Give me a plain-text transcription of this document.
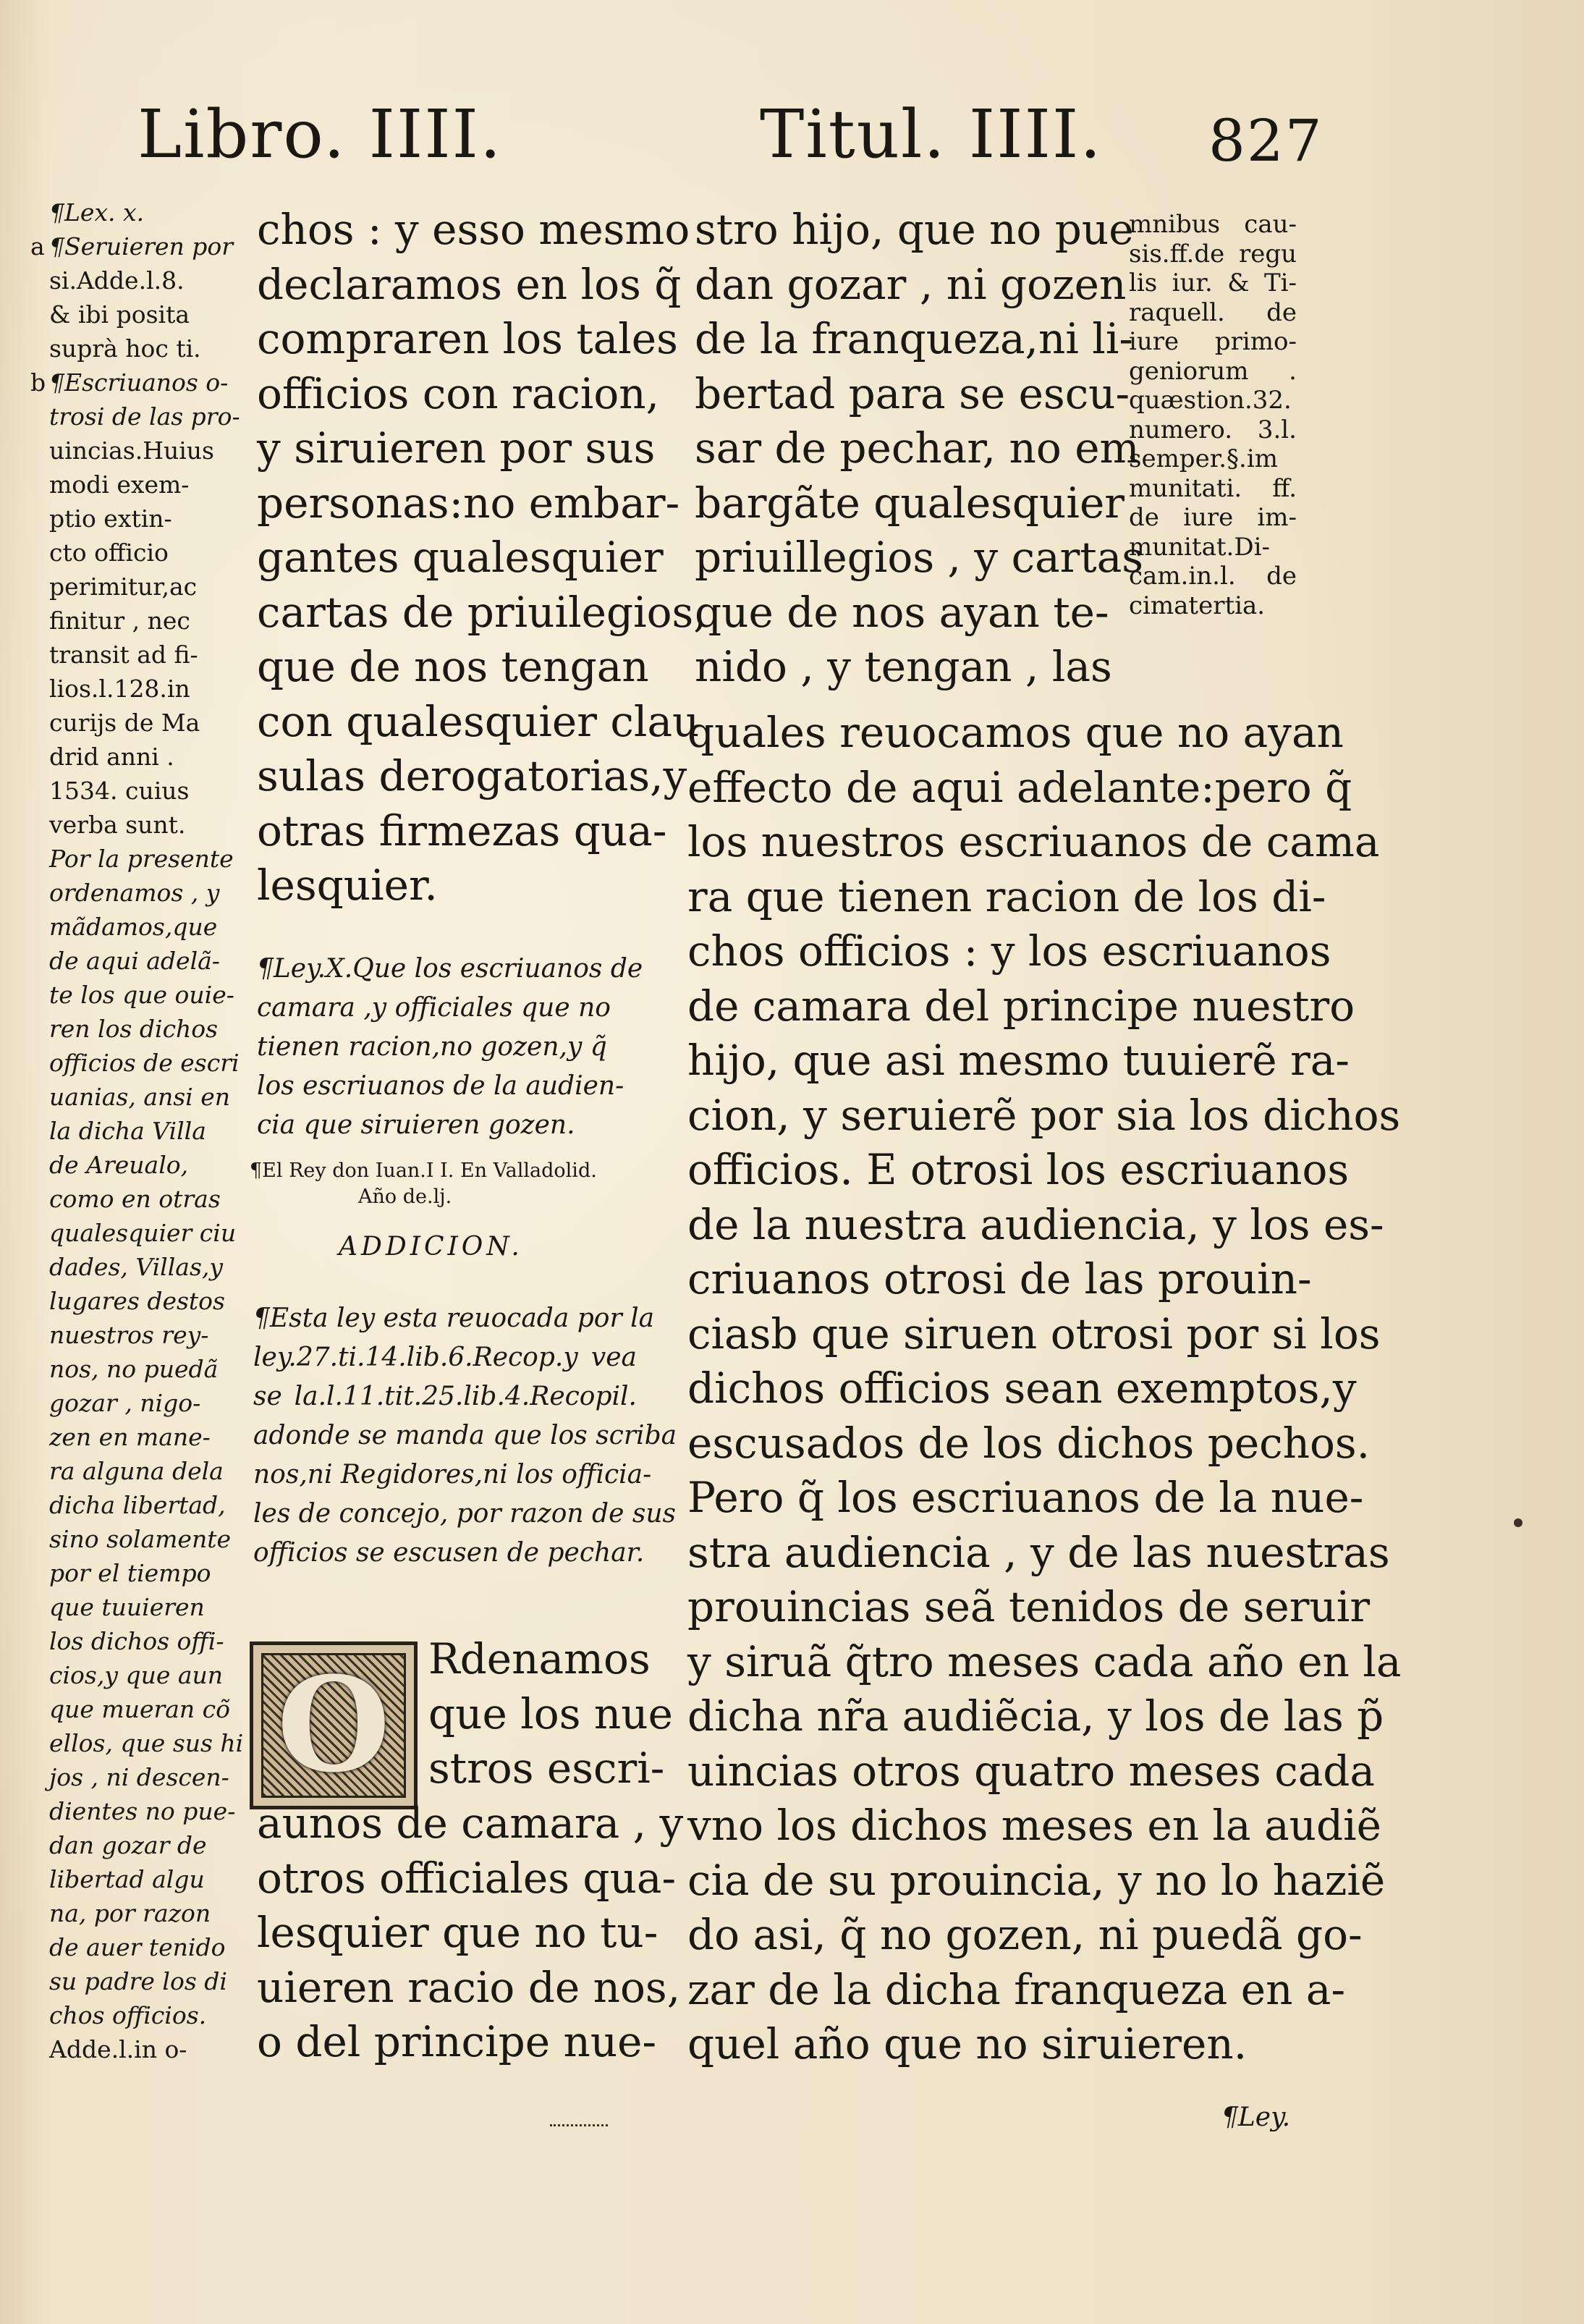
Libro. IIII.	Titul. IIII. 827
¶Lex. x.
a ¶Seruieren por
si.Adde.l.8.
& ibi posita
suprà hoc ti.
b ¶Escriuanos o-
trosi de las pro-
uincias.Huius
modi exem-
ptio extin-
cto officio
perimitur,ac
finitur , nec
transit ad fi-
lios.l.128.in
curijs de Ma
drid anni .
1534. cuius
verba sunt.
Por la presente
ordenamos , y
mãdamos,que
de aqui adelã-
te los que ouie-
ren los dichos
officios de escri
uanias, ansi en
la dicha Villa
de Areualo,
como en otras
qualesquier ciu
dades, Villas,y
lugares destos
nuestros rey-
nos, no puedã
gozar , nigo-
zen en mane-
ra alguna dela
dicha libertad,
sino solamente
por el tiempo
que tuuieren
los dichos offi-
cios,y que aun
que mueran cõ
ellos, que sus hi
jos , ni descen-
dientes no pue-
dan gozar de
libertad algu
na, por razon
de auer tenido
su padre los di
chos officios.
Adde.l.in o-
chos : y esso mesmo
declaramos en los q̃
compraren los tales
officios con racion,
y siruieren por sus
personas:no embar-
gantes qualesquier
cartas de priuilegios,
que de nos tengan
con qualesquier clau
sulas derogatorias,y
otras firmezas qua-
lesquier.
¶Ley.X.Que los escriuanos de
camara ,y officiales que no
tienen racion,no gozen,y q̃
los escriuanos de la audien-
cia que siruieren gozen.
¶El Rey don Iuan.I I. En Valladolid.
Año de.lj.
ADDICION.
¶Esta ley esta reuocada por la
ley.27.ti.14.lib.6.Recop.y vea
se la.l.11.tit.25.lib.4.Recopil.
adonde se manda que los scriba
nos,ni Regidores,ni los officia-
les de concejo, por razon de sus
officios se escusen de pechar.
O Rdenamos
que los nue
stros escri-
aunos de camara , y
otros officiales qua-
lesquier que no tu-
uieren racio de nos,
o del principe nue-
stro hijo, que no pue
dan gozar , ni gozen
de la franqueza,ni li-
bertad para se escu-
sar de pechar, no em
bargãte qualesquier
priuillegios , y cartas
que de nos ayan te-
nido , y tengan , las
mnibus cau-
sis.ff.de regu
lis iur. & Ti-
raquell. de
iure primo-
geniorum .
quæstion.32.
numero. 3.l.
semper.§.im
munitati. ff.
de iure im-
munitat.Di-
cam.in.l. de
cimatertia.
quales reuocamos que no ayan
effecto de aqui adelante:pero q̃
los nuestros escriuanos de cama
ra que tienen racion de los di-
chos officios : y los escriuanos
de camara del principe nuestro
hijo, que asi mesmo tuuierẽ ra-
cion, y seruierẽ por sia los dichos
officios. E otrosi los escriuanos
de la nuestra audiencia, y los es-
criuanos otrosi de las prouin-
ciasb que siruen otrosi por si los
dichos officios sean exemptos,y
escusados de los dichos pechos.
Pero q̃ los escriuanos de la nue-
stra audiencia , y de las nuestras
prouincias seã tenidos de seruir
y siruã q̃tro meses cada año en la
dicha nr̃a audiẽcia, y los de las p̃
uincias otros quatro meses cada
vno los dichos meses en la audiẽ
cia de su prouincia, y no lo haziẽ
do asi, q̃ no gozen, ni puedã go-
zar de la dicha franqueza en a-
quel año que no siruieren.
¶Ley.
